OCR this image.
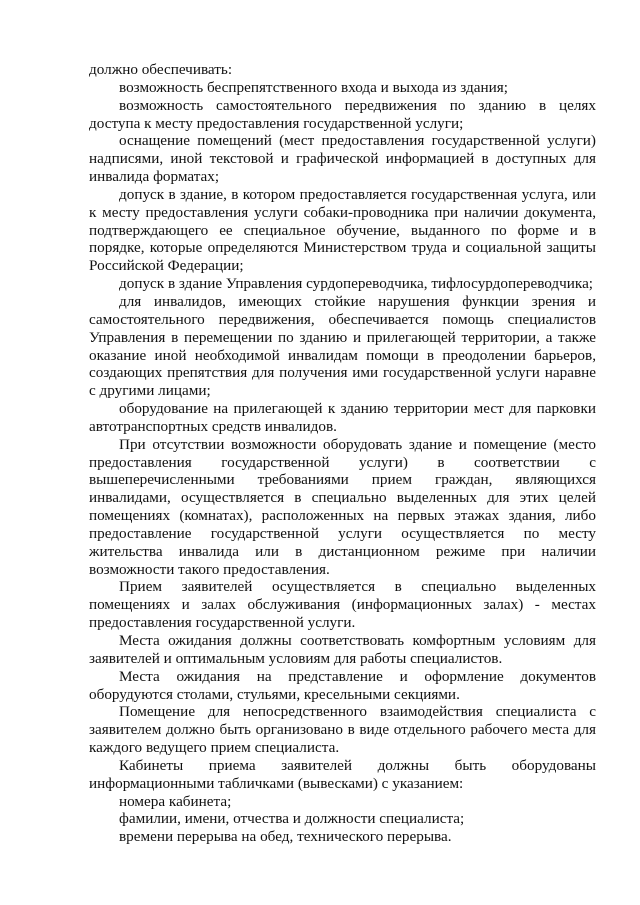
должно обеспечивать:

возможность беспрепятственного входа и выхода из здания;

возможность самостоятельного передвижения по зданию в целях доступа к месту предоставления государственной услуги;

оснащение помещений (мест предоставления государственной услуги) надписями, иной текстовой и графической информацией в доступных для инвалида форматах;

допуск в здание, в котором предоставляется государственная услуга, или к месту предоставления услуги собаки-проводника при наличии документа, подтверждающего ее специальное обучение, выданного по форме и в порядке, которые определяются Министерством труда и социальной защиты Российской Федерации;

допуск в здание Управления сурдопереводчика, тифлосурдопереводчика;

для инвалидов, имеющих стойкие нарушения функции зрения и самостоятельного передвижения, обеспечивается помощь специалистов Управления в перемещении по зданию и прилегающей территории, а также оказание иной необходимой инвалидам помощи в преодолении барьеров, создающих препятствия для получения ими государственной услуги наравне с другими лицами;

оборудование на прилегающей к зданию территории мест для парковки автотранспортных средств инвалидов.

При отсутствии возможности оборудовать здание и помещение (место предоставления государственной услуги) в соответствии с вышеперечисленными требованиями прием граждан, являющихся инвалидами, осуществляется в специально выделенных для этих целей помещениях (комнатах), расположенных на первых этажах здания, либо предоставление государственной услуги осуществляется по месту жительства инвалида или в дистанционном режиме при наличии возможности такого предоставления.

Прием заявителей осуществляется в специально выделенных помещениях и залах обслуживания (информационных залах) - местах предоставления государственной услуги.

Места ожидания должны соответствовать комфортным условиям для заявителей и оптимальным условиям для работы специалистов.

Места ожидания на представление и оформление документов оборудуются столами, стульями, кресельными секциями.

Помещение для непосредственного взаимодействия специалиста с заявителем должно быть организовано в виде отдельного рабочего места для каждого ведущего прием специалиста.

Кабинеты приема заявителей должны быть оборудованы информационными табличками (вывесками) с указанием:

номера кабинета;

фамилии, имени, отчества и должности специалиста;

времени перерыва на обед, технического перерыва.
